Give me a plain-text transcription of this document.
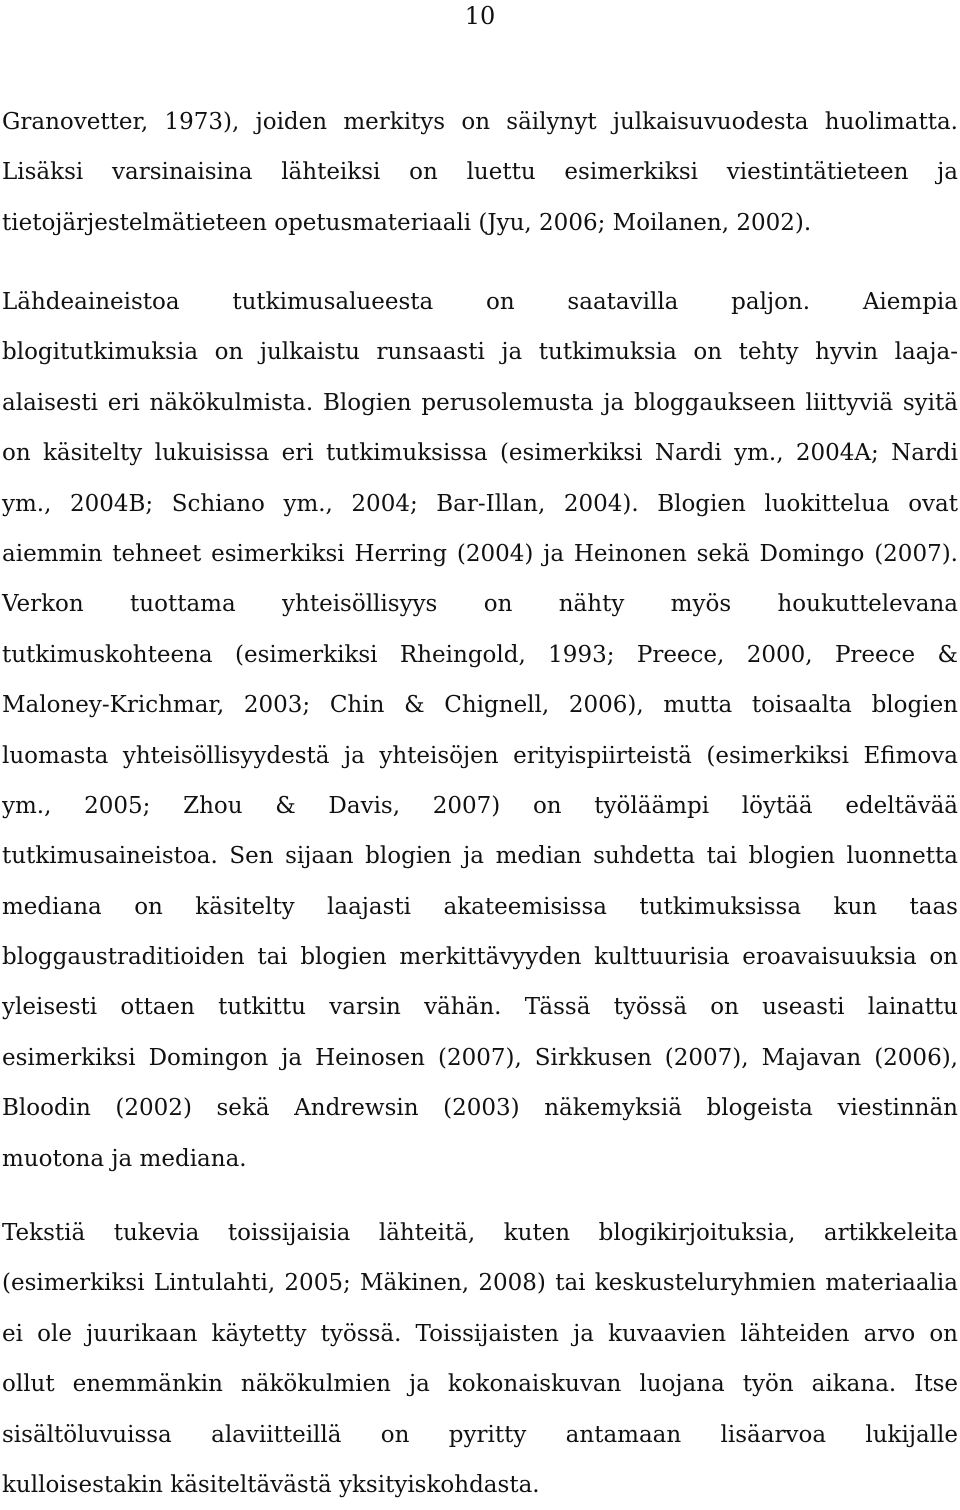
10
Granovetter, 1973), joiden merkitys on säilynyt julkaisuvuodesta huolimatta.
Lisäksi varsinaisina lähteiksi on luettu esimerkiksi viestintätieteen ja
tietojärjestelmätieteen opetusmateriaali (Jyu, 2006; Moilanen, 2002).
Lähdeaineistoa tutkimusalueesta on saatavilla paljon. Aiempia
blogitutkimuksia on julkaistu runsaasti ja tutkimuksia on tehty hyvin laaja-
alaisesti eri näkökulmista. Blogien perusolemusta ja bloggaukseen liittyviä syitä
on käsitelty lukuisissa eri tutkimuksissa (esimerkiksi Nardi ym., 2004A; Nardi
ym., 2004B; Schiano ym., 2004; Bar-Illan, 2004). Blogien luokittelua ovat
aiemmin tehneet esimerkiksi Herring (2004) ja Heinonen sekä Domingo (2007).
Verkon tuottama yhteisöllisyys on nähty myös houkuttelevana
tutkimuskohteena (esimerkiksi Rheingold, 1993; Preece, 2000, Preece &
Maloney-Krichmar, 2003; Chin & Chignell, 2006), mutta toisaalta blogien
luomasta yhteisöllisyydestä ja yhteisöjen erityispiirteistä (esimerkiksi Efimova
ym., 2005; Zhou & Davis, 2007) on työläämpi löytää edeltävää
tutkimusaineistoa. Sen sijaan blogien ja median suhdetta tai blogien luonnetta
mediana on käsitelty laajasti akateemisissa tutkimuksissa kun taas
bloggaustraditioiden tai blogien merkittävyyden kulttuurisia eroavaisuuksia on
yleisesti ottaen tutkittu varsin vähän. Tässä työssä on useasti lainattu
esimerkiksi Domingon ja Heinosen (2007), Sirkkusen (2007), Majavan (2006),
Bloodin (2002) sekä Andrewsin (2003) näkemyksiä blogeista viestinnän
muotona ja mediana.
Tekstiä tukevia toissijaisia lähteitä, kuten blogikirjoituksia, artikkeleita
(esimerkiksi Lintulahti, 2005; Mäkinen, 2008) tai keskusteluryhmien materiaalia
ei ole juurikaan käytetty työssä. Toissijaisten ja kuvaavien lähteiden arvo on
ollut enemmänkin näkökulmien ja kokonaiskuvan luojana työn aikana. Itse
sisältöluvuissa alaviitteillä on pyritty antamaan lisäarvoa lukijalle
kulloisestakin käsiteltävästä yksityiskohdasta.
